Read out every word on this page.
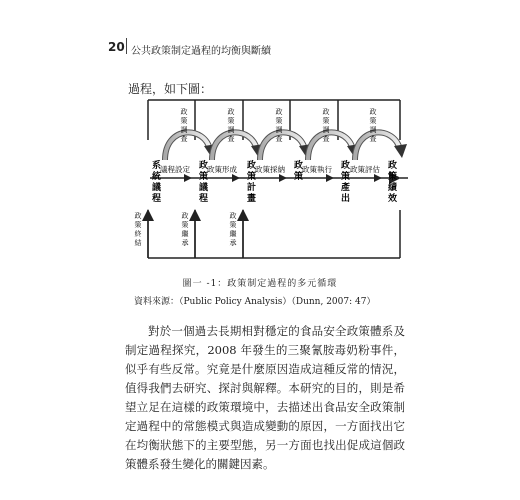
20 公共政策制定過程的均衡與斷續
過程，如下圖：
系統議程	政策議程	政策計畫	政策	政策產出	政策績效
議程設定 政策形成 政策採納 政策執行 政策評估
政策調查	政策調查	政策調查	政策調查	政策調查
政策終結	政策繼承	政策繼承
圖一 -1：政策制定過程的多元循環
資料來源：（Public Policy Analysis）（Dunn, 2007: 47）

對於一個過去長期相對穩定的食品安全政策體系及制定過程探究，2008 年發生的三聚氰胺毒奶粉事件，似乎有些反常。究竟是什麼原因造成這種反常的情況，值得我們去研究、探討與解釋。本研究的目的，則是希望立足在這樣的政策環境中，去描述出食品安全政策制定過程中的常態模式與造成變動的原因，一方面找出它在均衡狀態下的主要型態，另一方面也找出促成這個政策體系發生變化的關鍵因素。
